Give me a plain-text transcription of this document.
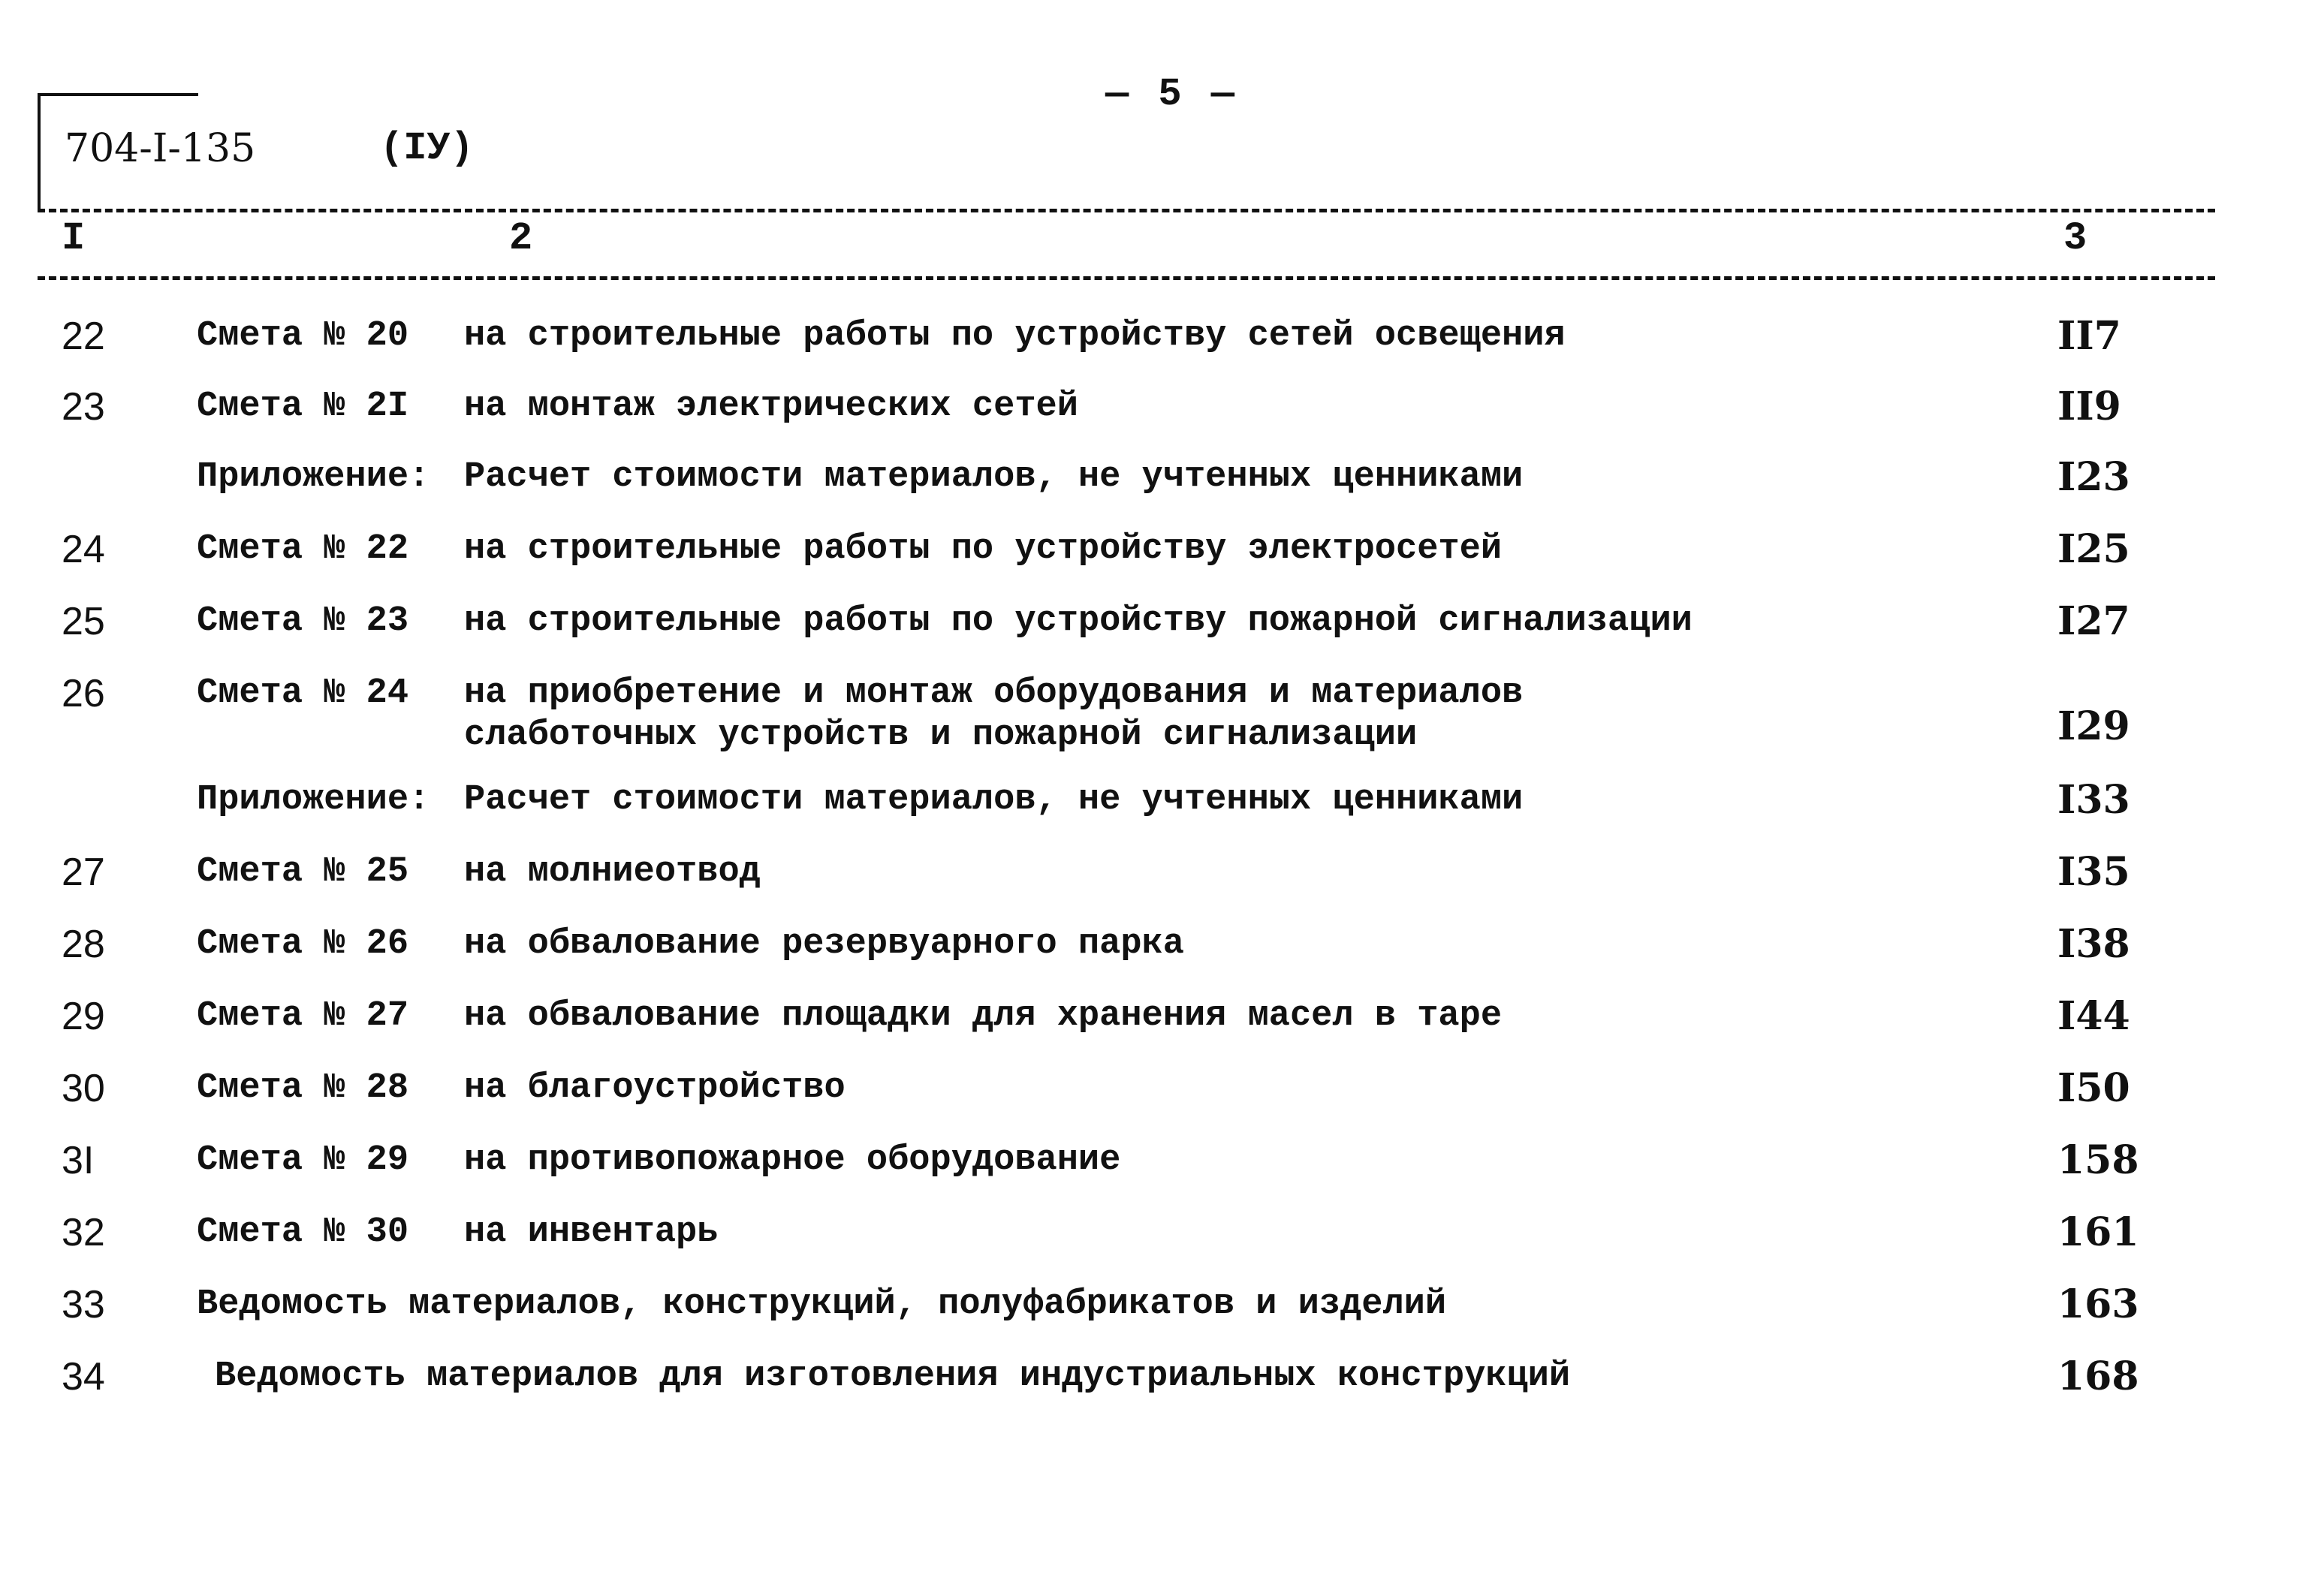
— 5 —
704-I-135	(IУ)
I	2	3
22	Смета № 20 на строительные работы по устройству сетей освещения	II7
23	Смета № 2I на монтаж электрических сетей	II9
Приложение: Расчет стоимости материалов, не учтенных ценниками	I23
24	Смета № 22 на строительные работы по устройству электросетей	I25
25	Смета № 23 на строительные работы по устройству пожарной сигнализации	I27
26	Смета № 24 на приобретение и монтаж оборудования и материалов
слаботочных устройств и пожарной сигнализации	I29
Приложение: Расчет стоимости материалов, не учтенных ценниками	I33
27	Смета № 25 на молниеотвод	I35
28	Смета № 26 на обвалование резервуарного парка	I38
29	Смета № 27 на обвалование площадки для хранения масел в таре	I44
30	Смета № 28 на благоустройство	I50
3I	Смета № 29 на противопожарное оборудование	158
32	Смета № 30 на инвентарь	161
33	Ведомость материалов, конструкций, полуфабрикатов и изделий	163
34	Ведомость материалов для изготовления индустриальных конструкций	168
